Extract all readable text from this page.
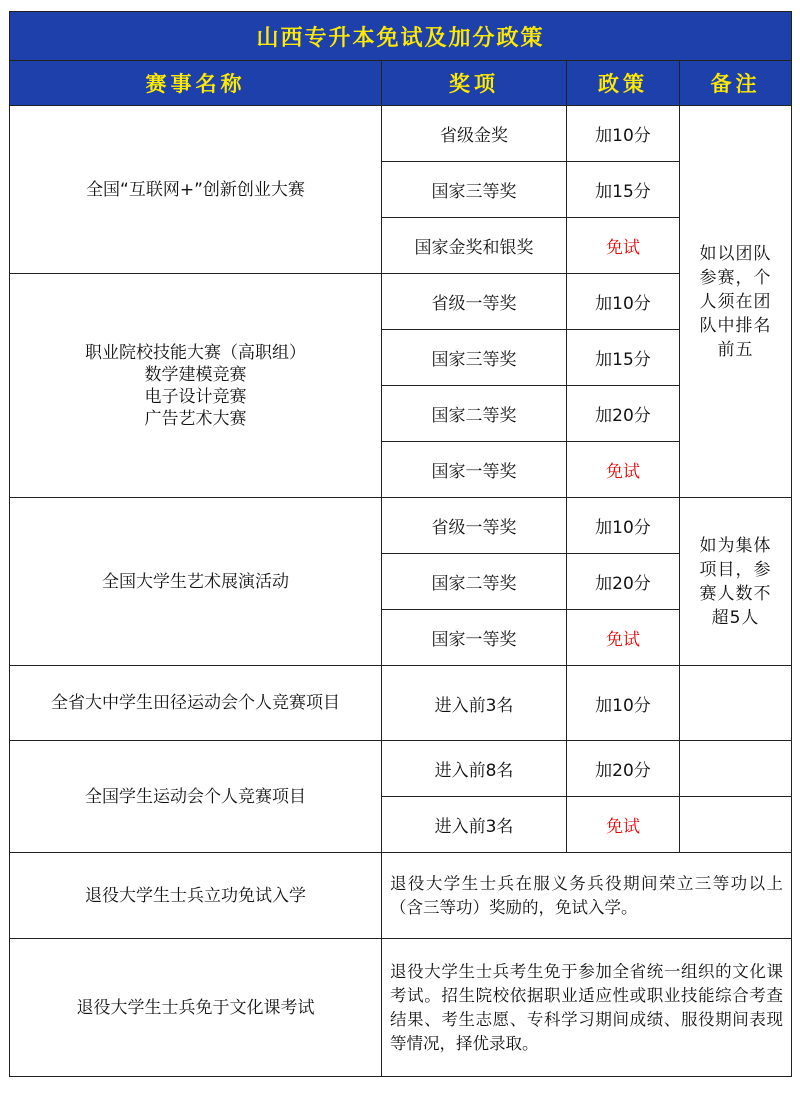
山西专升本免试及加分政策			
赛事名称	奖项	政策	备注

全国“互联网+”创新创业大赛	省级金奖	加10分	如以团队
参赛，个
人须在团
队中排名
前五

	国家三等奖	加15分	
	国家金奖和银奖	免试	

职业院校技能大赛（高职组）
数学建模竞赛
电子设计竞赛
广告艺术大赛	省级一等奖	加10分	
	国家三等奖	加15分	
	国家二等奖	加20分	
	国家一等奖	免试	

全国大学生艺术展演活动	省级一等奖	加10分	如为集体
项目，参
赛人数不
超5人

	国家二等奖	加20分	
	国家一等奖	免试	

全省大中学生田径运动会个人竞赛项目	进入前3名	加10分	

全国学生运动会个人竞赛项目	进入前8名	加20分	
	进入前3名	免试	
退役大学生士兵立功免试入学	退役大学生士兵在服义务兵役期间荣立三等功以上（含三等功）奖励的，免试入学。		
退役大学生士兵免于文化课考试	退役大学生士兵考生免于参加全省统一组织的文化课考试。招生院校依据职业适应性或职业技能综合考查结果、考生志愿、专科学习期间成绩、服役期间表现等情况，择优录取。		
